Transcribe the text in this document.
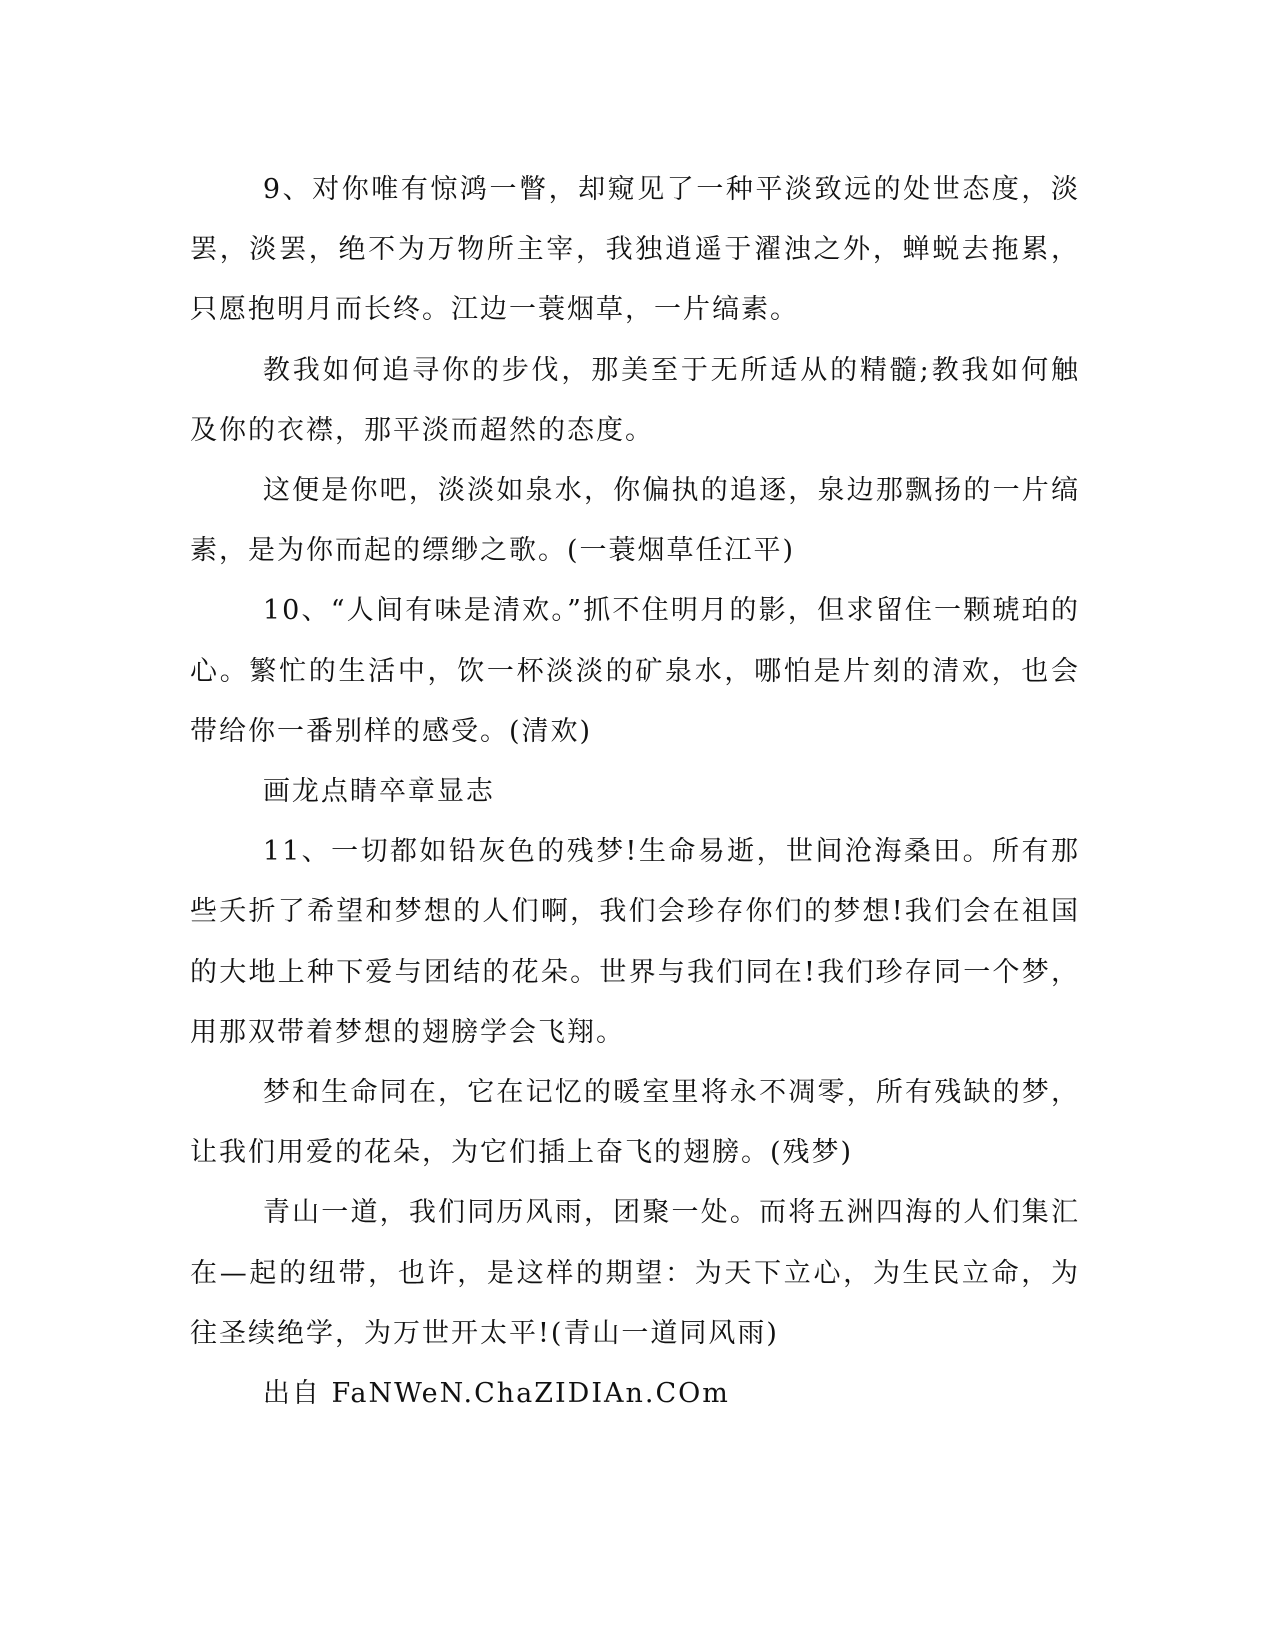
9、对你唯有惊鸿一瞥，却窥见了一种平淡致远的处世态度，淡罢，淡罢，绝不为万物所主宰，我独逍遥于濯浊之外，蝉蜕去拖累，只愿抱明月而长终。江边一蓑烟草，一片缟素。

教我如何追寻你的步伐，那美至于无所适从的精髓;教我如何触及你的衣襟，那平淡而超然的态度。

这便是你吧，淡淡如泉水，你偏执的追逐，泉边那飘扬的一片缟素，是为你而起的缥缈之歌。(一蓑烟草任江平)

10、“人间有味是清欢。”抓不住明月的影，但求留住一颗琥珀的心。繁忙的生活中，饮一杯淡淡的矿泉水，哪怕是片刻的清欢，也会带给你一番别样的感受。(清欢)

画龙点睛卒章显志

11、一切都如铅灰色的残梦!生命易逝，世间沧海桑田。所有那些夭折了希望和梦想的人们啊，我们会珍存你们的梦想!我们会在祖国的大地上种下爱与团结的花朵。世界与我们同在!我们珍存同一个梦，用那双带着梦想的翅膀学会飞翔。

梦和生命同在，它在记忆的暖室里将永不凋零，所有残缺的梦，让我们用爱的花朵，为它们插上奋飞的翅膀。(残梦)

青山一道，我们同历风雨，团聚一处。而将五洲四海的人们集汇在—起的纽带，也许，是这样的期望：为天下立心，为生民立命，为往圣续绝学，为万世开太平!(青山一道同风雨)

出自 FaNWeN.ChaZIDIAn.COm
